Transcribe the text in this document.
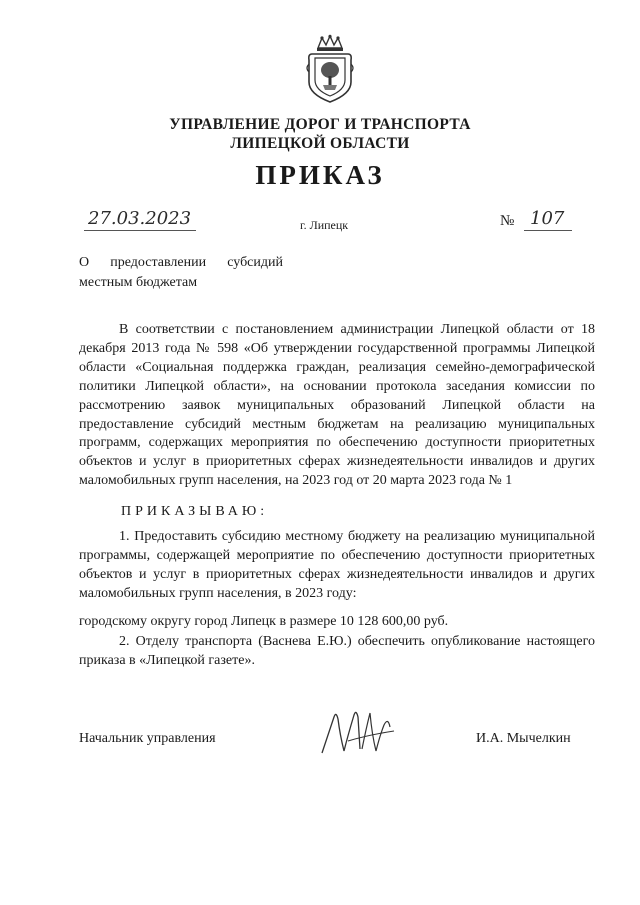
УПРАВЛЕНИЕ ДОРОГ И ТРАНСПОРТА
ЛИПЕЦКОЙ ОБЛАСТИ
ПРИКАЗ
27.03.2023	г. Липецк	№ 107
О предоставлении субсидий
местным бюджетам
В соответствии с постановлением администрации Липецкой области от 18 декабря 2013 года № 598 «Об утверждении государственной программы Липецкой области «Социальная поддержка граждан, реализация семейно-демографической политики Липецкой области», на основании протокола заседания комиссии по рассмотрению заявок муниципальных образований Липецкой области на предоставление субсидий местным бюджетам на реализацию муниципальных программ, содержащих мероприятия по обеспечению доступности приоритетных объектов и услуг в приоритетных сферах жизнедеятельности инвалидов и других маломобильных групп населения, на 2023 год от 20 марта 2023 года № 1
ПРИКАЗЫВАЮ:
1. Предоставить субсидию местному бюджету на реализацию муниципальной программы, содержащей мероприятие по обеспечению доступности приоритетных объектов и услуг в приоритетных сферах жизнедеятельности инвалидов и других маломобильных групп населения, в 2023 году:
городскому округу город Липецк в размере 10 128 600,00 руб.
2. Отделу транспорта (Васнева Е.Ю.) обеспечить опубликование настоящего приказа в «Липецкой газете».
Начальник управления	И.А. Мычелкин
